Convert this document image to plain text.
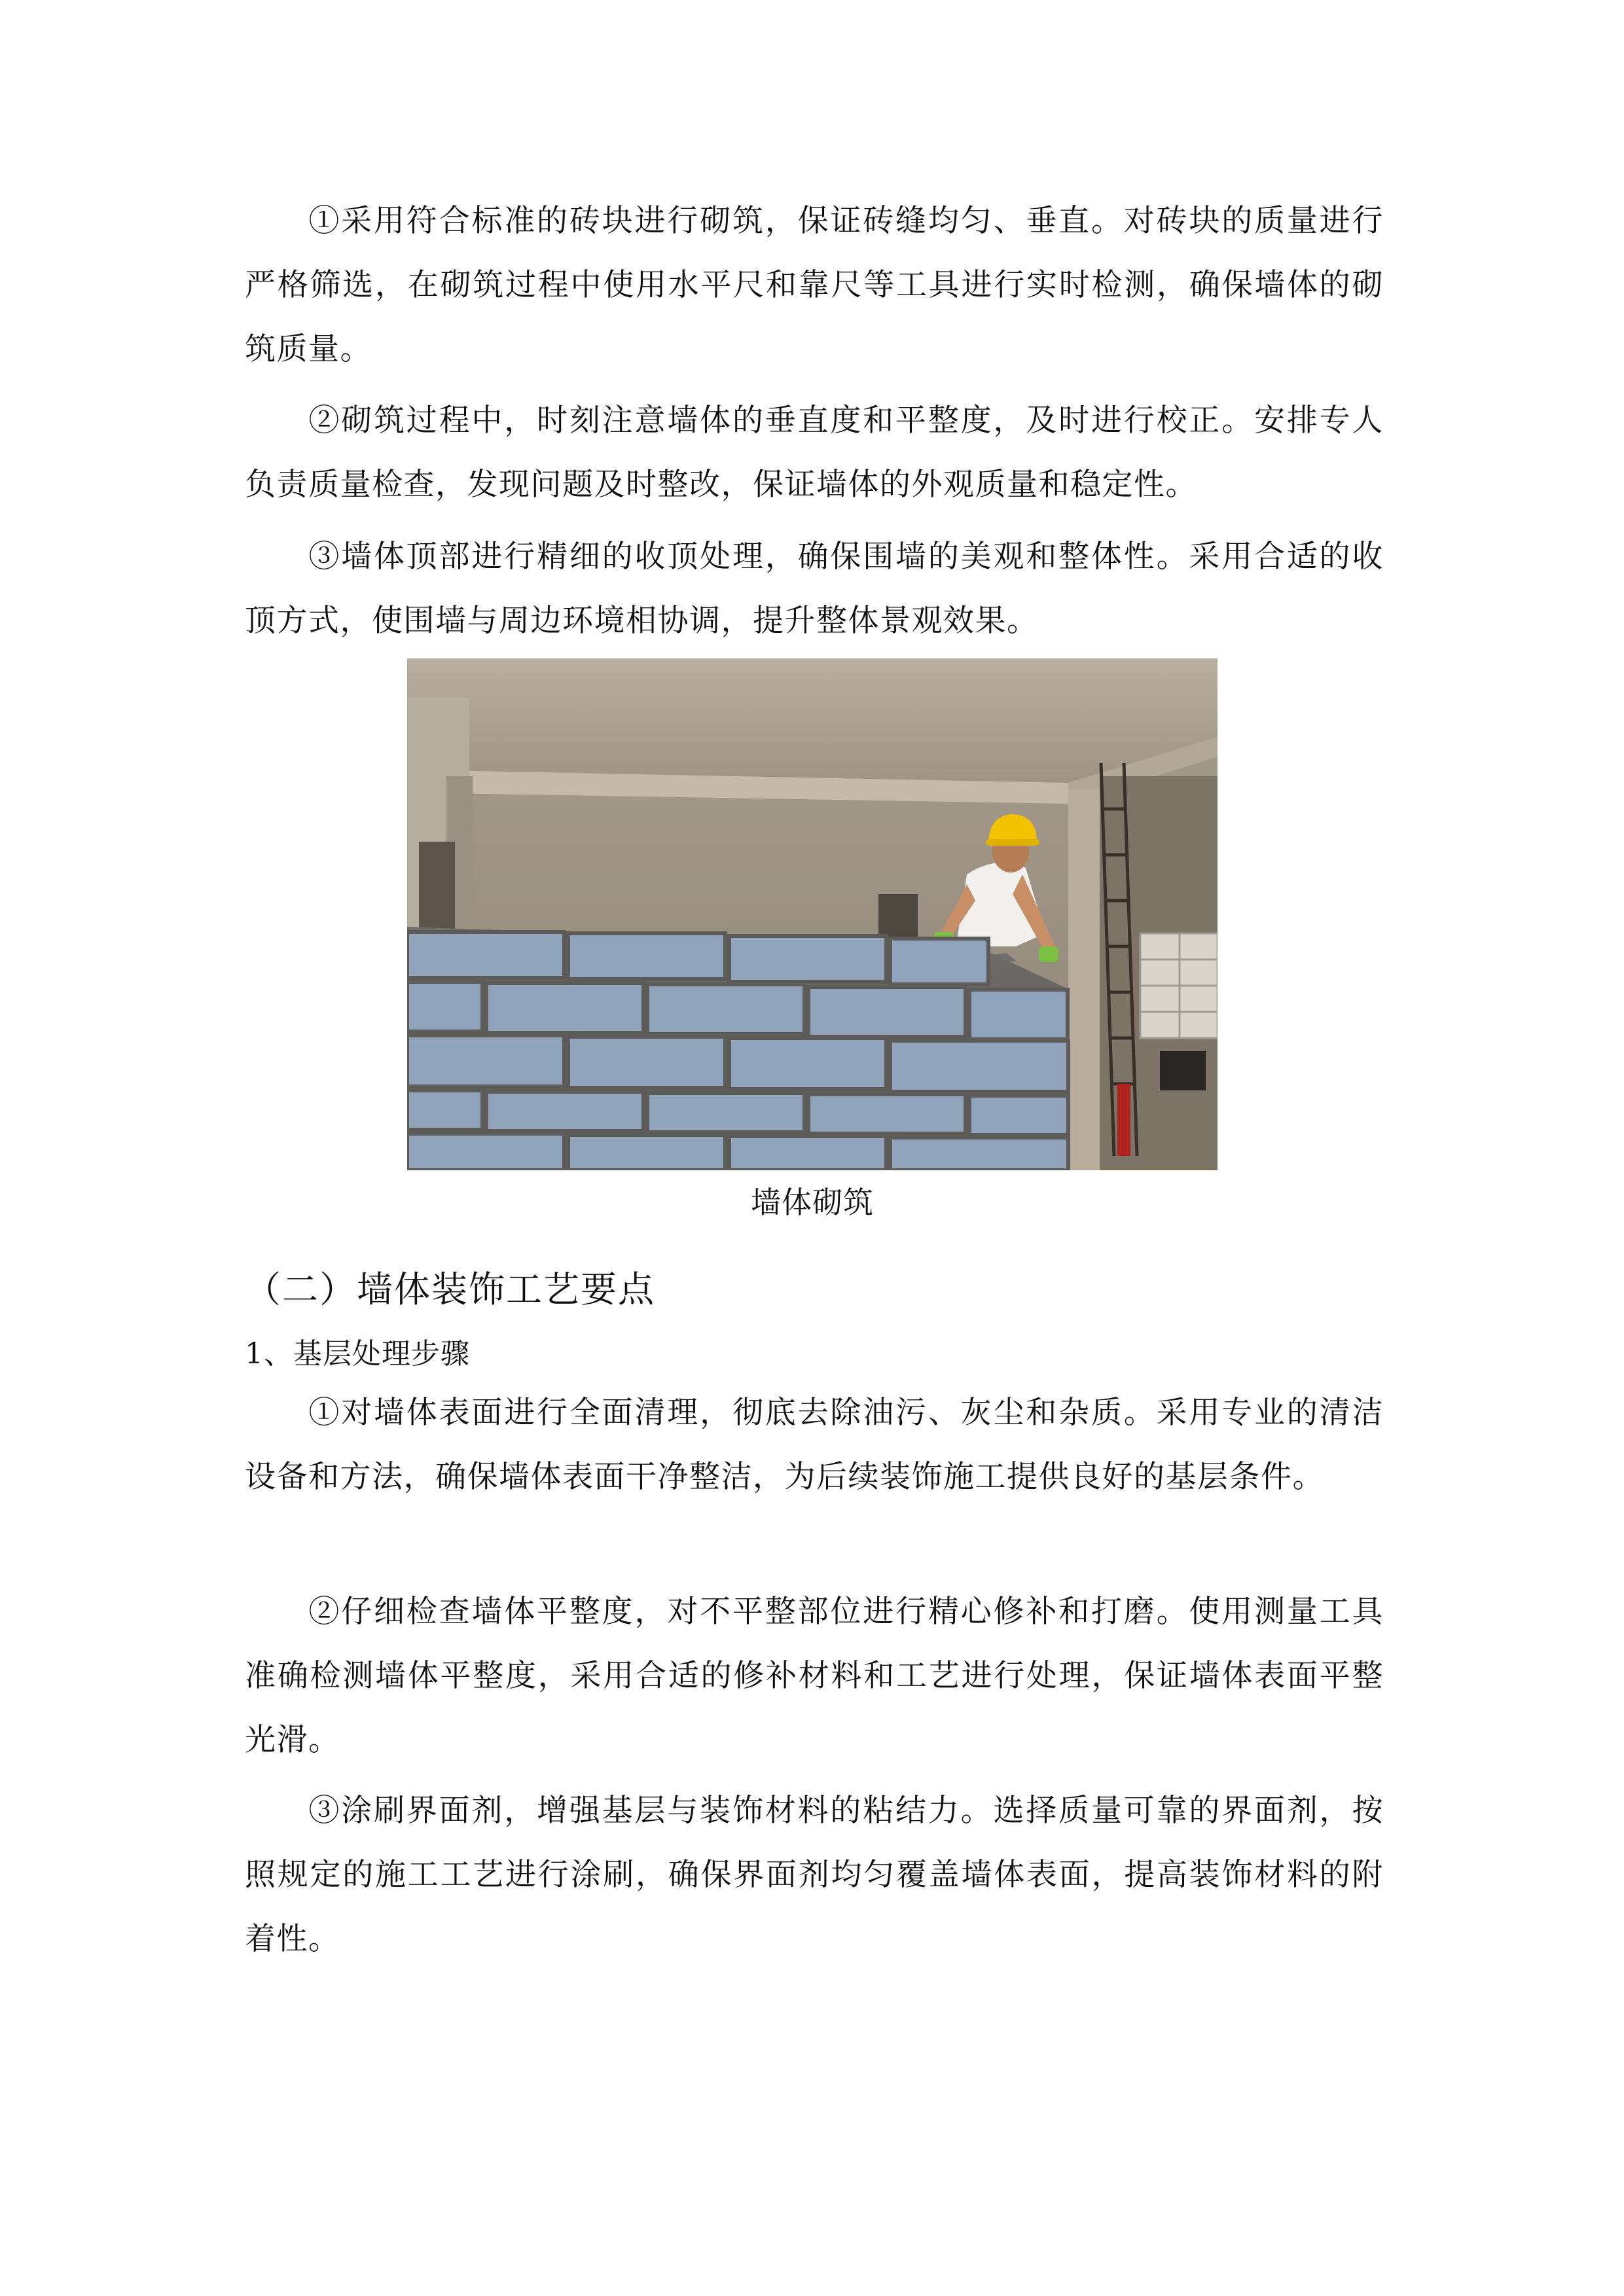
①采用符合标准的砖块进行砌筑，保证砖缝均匀、垂直。对砖块的质量进行严格筛选，在砌筑过程中使用水平尺和靠尺等工具进行实时检测，确保墙体的砌筑质量。

②砌筑过程中，时刻注意墙体的垂直度和平整度，及时进行校正。安排专人负责质量检查，发现问题及时整改，保证墙体的外观质量和稳定性。

③墙体顶部进行精细的收顶处理，确保围墙的美观和整体性。采用合适的收顶方式，使围墙与周边环境相协调，提升整体景观效果。

墙体砌筑
（二）墙体装饰工艺要点
1、基层处理步骤

①对墙体表面进行全面清理，彻底去除油污、灰尘和杂质。采用专业的清洁设备和方法，确保墙体表面干净整洁，为后续装饰施工提供良好的基层条件。

②仔细检查墙体平整度，对不平整部位进行精心修补和打磨。使用测量工具准确检测墙体平整度，采用合适的修补材料和工艺进行处理，保证墙体表面平整光滑。

③涂刷界面剂，增强基层与装饰材料的粘结力。选择质量可靠的界面剂，按照规定的施工工艺进行涂刷，确保界面剂均匀覆盖墙体表面，提高装饰材料的附着性。
